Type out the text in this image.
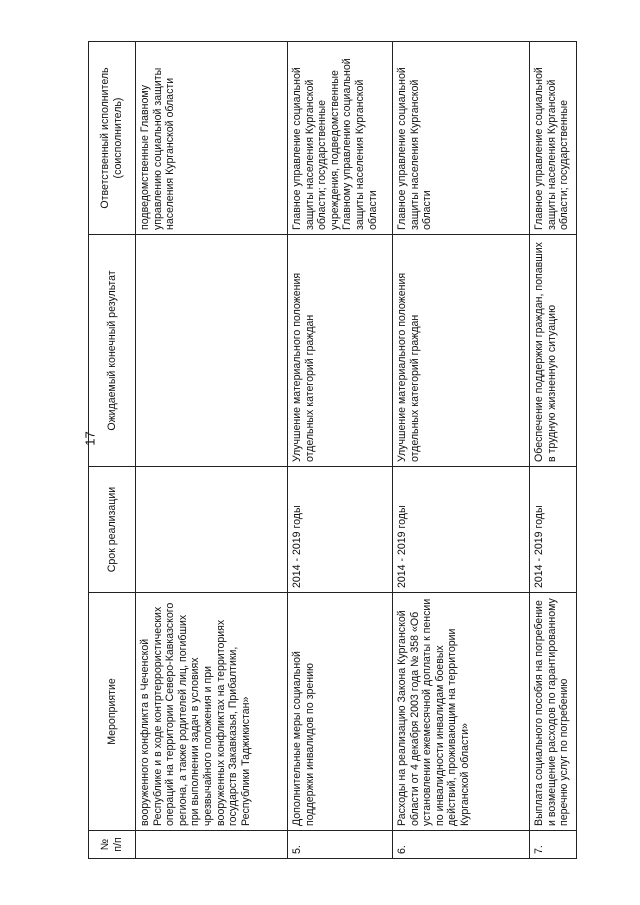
17
№ п/п	Мероприятие	Срок реализации	Ожидаемый конечный результат	Ответственный исполнитель (соисполнитель)
	вооруженного конфликта в Чеченской Республике и в ходе контртеррористических операций на территории Северо-Кавказского региона, а также родителей лиц, погибших при выполнении задач в условиях чрезвычайного положения и при вооруженных конфликтах на территориях государств Закавказья, Прибалтики, Республики Таджикистан»			подведомственные Главному управлению социальной защиты населения Курганской области
5.	Дополнительные меры социальной поддержки инвалидов по зрению	2014 - 2019 годы	Улучшение материального положения отдельных категорий граждан	Главное управление социальной защиты населения Курганской области; государственные учреждения, подведомственные Главному управлению социальной защиты населения Курганской области
6.	Расходы на реализацию Закона Курганской области от 4 декабря 2003 года № 358 «Об установлении ежемесячной доплаты к пенсии по инвалидности инвалидам боевых действий, проживающим на территории Курганской области»	2014 - 2019 годы	Улучшение материального положения отдельных категорий граждан	Главное управление социальной защиты населения Курганской области
7.	Выплата социального пособия на погребение и возмещение расходов по гарантированному перечню услуг по погребению	2014 - 2019 годы	Обеспечение поддержки граждан, попавших в трудную жизненную ситуацию	Главное управление социальной защиты населения Курганской области; государственные
